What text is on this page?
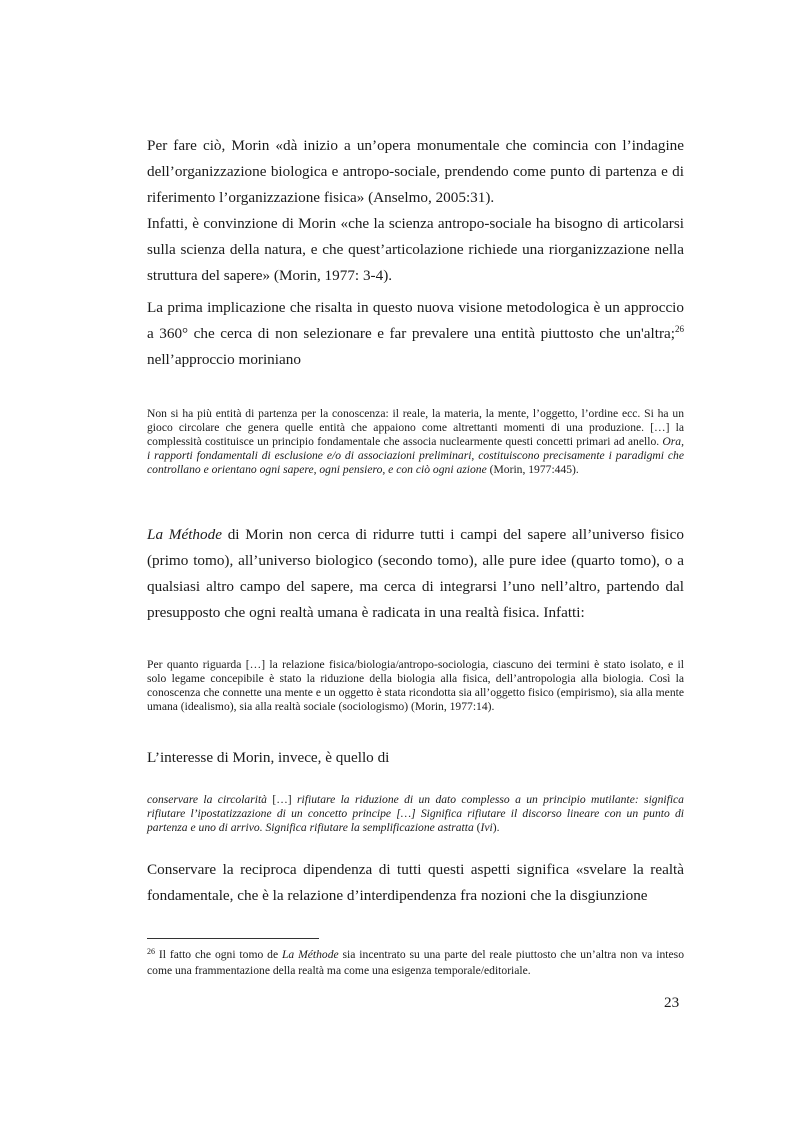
Per fare ciò, Morin «dà inizio a un’opera monumentale che comincia con l’indagine dell’organizzazione biologica e antropo-sociale, prendendo come punto di partenza e di riferimento l’organizzazione fisica» (Anselmo, 2005:31).

Infatti, è convinzione di Morin «che la scienza antropo-sociale ha bisogno di articolarsi sulla scienza della natura, e che quest’articolazione richiede una riorganizzazione nella struttura del sapere» (Morin, 1977: 3-4).

La prima implicazione che risalta in questo nuova visione metodologica è un approccio a 360° che cerca di non selezionare e far prevalere una entità piuttosto che un'altra;$^{26}$ nell’approccio moriniano

Non si ha più entità di partenza per la conoscenza: il reale, la materia, la mente, l’oggetto, l’ordine ecc. Si ha un gioco circolare che genera quelle entità che appaiono come altrettanti momenti di una produzione. […] la complessità costituisce un principio fondamentale che associa nuclearmente questi concetti primari ad anello. Ora, i rapporti fondamentali di esclusione e/o di associazioni preliminari, costituiscono precisamente i paradigmi che controllano e orientano ogni sapere, ogni pensiero, e con ciò ogni azione (Morin, 1977:445).

La Méthode di Morin non cerca di ridurre tutti i campi del sapere all’universo fisico (primo tomo), all’universo biologico (secondo tomo), alle pure idee (quarto tomo), o a qualsiasi altro campo del sapere, ma cerca di integrarsi l’uno nell’altro, partendo dal presupposto che ogni realtà umana è radicata in una realtà fisica. Infatti:

Per quanto riguarda […] la relazione fisica/biologia/antropo-sociologia, ciascuno dei termini è stato isolato, e il solo legame concepibile è stato la riduzione della biologia alla fisica, dell’antropologia alla biologia. Così la conoscenza che connette una mente e un oggetto è stata ricondotta sia all’oggetto fisico (empirismo), sia alla mente umana (idealismo), sia alla realtà sociale (sociologismo) (Morin, 1977:14).

L’interesse di Morin, invece, è quello di

conservare la circolarità […] rifiutare la riduzione di un dato complesso a un principio mutilante: significa rifiutare l’ipostatizzazione di un concetto principe […] Significa rifiutare il discorso lineare con un punto di partenza e uno di arrivo. Significa rifiutare la semplificazione astratta (Ivi).

Conservare la reciproca dipendenza di tutti questi aspetti significa «svelare la realtà fondamentale, che è la relazione d’interdipendenza fra nozioni che la disgiunzione

$^{26}$ Il fatto che ogni tomo de La Méthode sia incentrato su una parte del reale piuttosto che un’altra non va inteso come una frammentazione della realtà ma come una esigenza temporale/editoriale.

23
